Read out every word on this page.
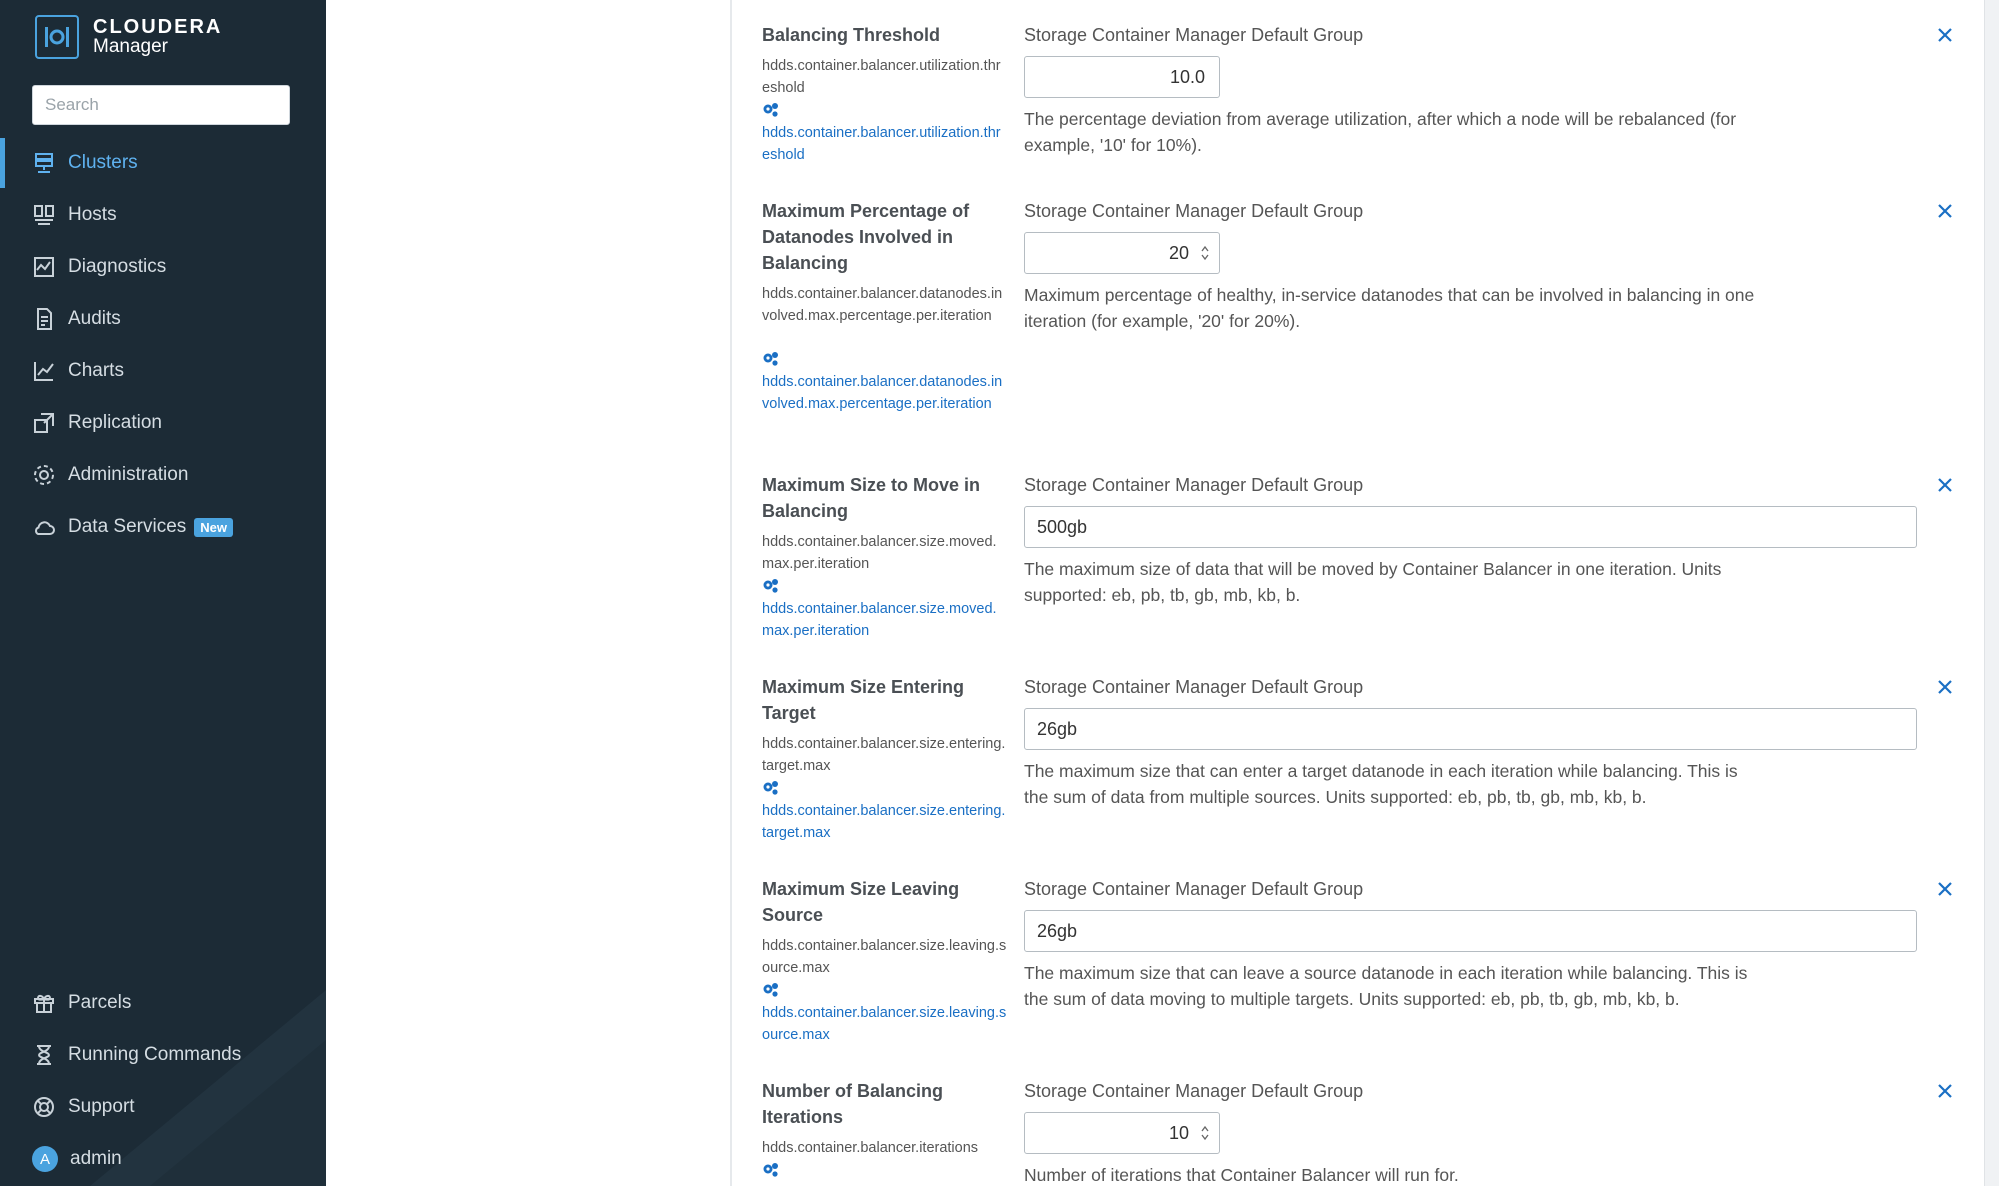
CLOUDERA
Manager
Search
Clusters
Hosts
Diagnostics
Audits
Charts
Replication
Administration
Data Services	New
Parcels
Running Commands
Support
A	admin
Balancing Threshold
hdds.container.balancer.utilization.threshold
hdds.container.balancer.utilization.threshold
Storage Container Manager Default Group
10.0
The percentage deviation from average utilization, after which a node will be rebalanced (for example, '10' for 10%).
Maximum Percentage of Datanodes Involved in Balancing
hdds.container.balancer.datanodes.involved.max.percentage.per.iteration
hdds.container.balancer.datanodes.involved.max.percentage.per.iteration
Storage Container Manager Default Group
20
Maximum percentage of healthy, in-service datanodes that can be involved in balancing in one iteration (for example, '20' for 20%).
Maximum Size to Move in Balancing
hdds.container.balancer.size.moved.max.per.iteration
hdds.container.balancer.size.moved.max.per.iteration
Storage Container Manager Default Group
500gb
The maximum size of data that will be moved by Container Balancer in one iteration. Units supported: eb, pb, tb, gb, mb, kb, b.
Maximum Size Entering Target
hdds.container.balancer.size.entering.target.max
hdds.container.balancer.size.entering.target.max
Storage Container Manager Default Group
26gb
The maximum size that can enter a target datanode in each iteration while balancing. This is the sum of data from multiple sources. Units supported: eb, pb, tb, gb, mb, kb, b.
Maximum Size Leaving Source
hdds.container.balancer.size.leaving.source.max
hdds.container.balancer.size.leaving.source.max
Storage Container Manager Default Group
26gb
The maximum size that can leave a source datanode in each iteration while balancing. This is the sum of data moving to multiple targets. Units supported: eb, pb, tb, gb, mb, kb, b.
Number of Balancing Iterations
hdds.container.balancer.iterations
Storage Container Manager Default Group
10
Number of iterations that Container Balancer will run for.
